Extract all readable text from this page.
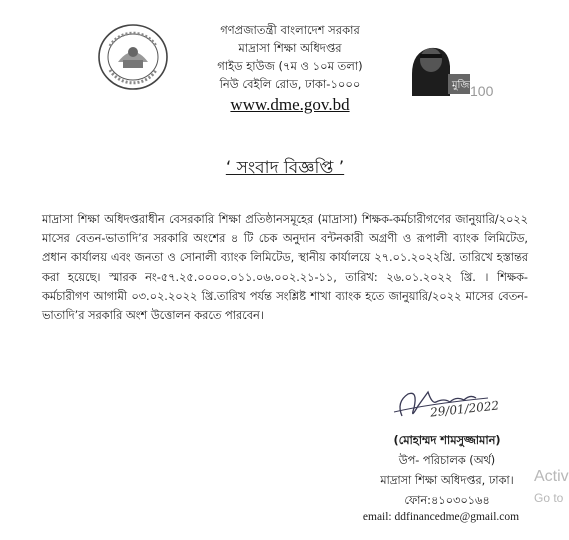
মুজিব
100
গণপ্রজাতন্ত্রী বাংলাদেশ সরকার
মাদ্রাসা শিক্ষা অধিদপ্তর
গাইড হাউজ (৭ম ও ১০ম তলা)
নিউ বেইলি রোড, ঢাকা-১০০০
www.dme.gov.bd
‘ সংবাদ বিজ্ঞপ্তি ’
মাদ্রাসা শিক্ষা অধিদপ্তরাধীন বেসরকারি শিক্ষা প্রতিষ্ঠানসমূহের (মাদ্রাসা) শিক্ষক-কর্মচারীগণের জানুয়ারি/২০২২ মাসের বেতন-ভাতাদি’র সরকারি অংশের ৪ টি চেক অনুদান বন্টনকারী অগ্রণী ও রূপালী ব্যাংক লিমিটেড, প্রধান কার্যালয় এবং জনতা ও সোনালী ব্যাংক লিমিটেড, স্থানীয় কার্যালয়ে ২৭.০১.২০২২খ্রি. তারিখে হস্তান্তর করা হয়েছে। স্মারক নং-৫৭.২৫.০০০০.০১১.০৬.০০২.২১-১১, তারিখ: ২৬.০১.২০২২ খ্রি. । শিক্ষক-কর্মচারীগণ আগামী ০৩.০২.২০২২ খ্রি.তারিখ পর্যন্ত সংশ্লিষ্ট শাখা ব্যাংক হতে জানুয়ারি/২০২২ মাসের বেতন-ভাতাদি’র সরকারি অংশ উত্তোলন করতে পারবেন।
29/01/2022
(মোহাম্মদ শামসুজ্জামান)
উপ- পরিচালক (অর্থ)
মাদ্রাসা শিক্ষা অধিদপ্তর, ঢাকা।
ফোন:৪১০৩০১৬৪
email: ddfinancedme@gmail.com
Activ
Go to
